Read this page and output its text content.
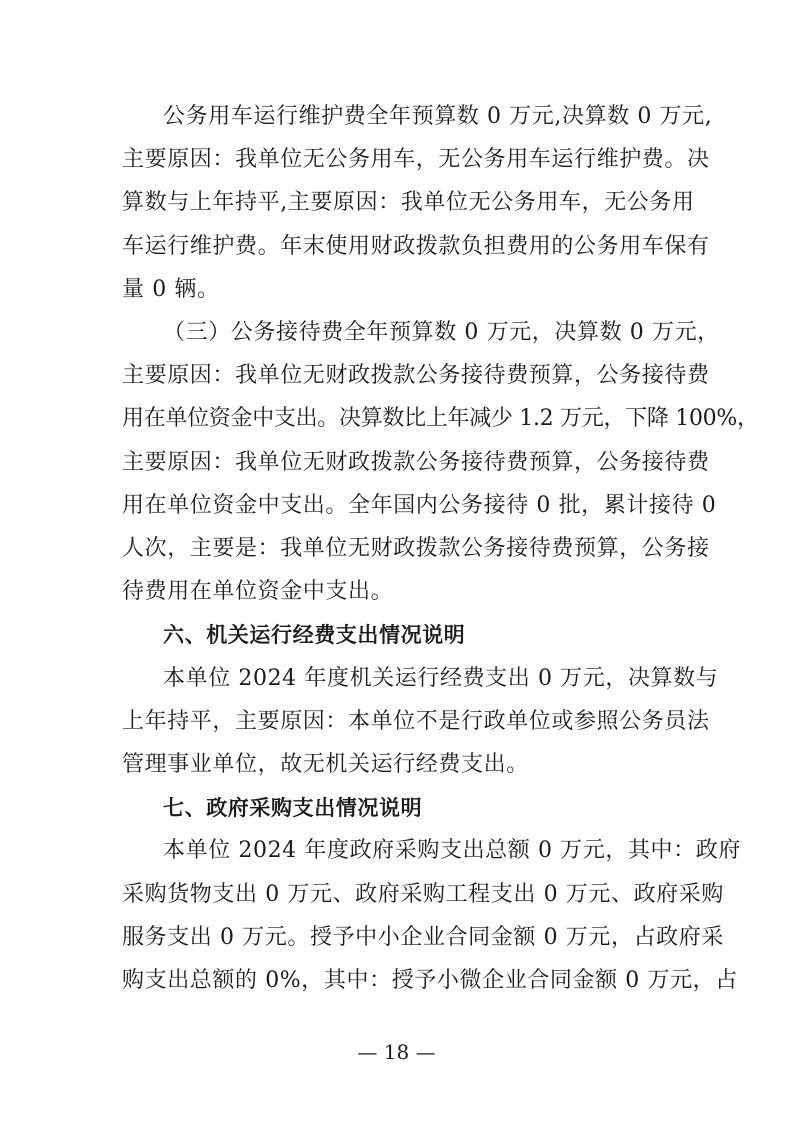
公务用车运行维护费全年预算数 0 万元,决算数 0 万元,
主要原因：我单位无公务用车，无公务用车运行维护费。决
算数与上年持平,主要原因：我单位无公务用车，无公务用
车运行维护费。年末使用财政拨款负担费用的公务用车保有
量 0 辆。
（三）公务接待费全年预算数 0 万元，决算数 0 万元，
主要原因：我单位无财政拨款公务接待费预算，公务接待费
用在单位资金中支出。决算数比上年减少 1.2 万元，下降 100%，
主要原因：我单位无财政拨款公务接待费预算，公务接待费
用在单位资金中支出。全年国内公务接待 0 批，累计接待 0
人次，主要是：我单位无财政拨款公务接待费预算，公务接
待费用在单位资金中支出。
六、机关运行经费支出情况说明
本单位 2024 年度机关运行经费支出 0 万元，决算数与
上年持平，主要原因：本单位不是行政单位或参照公务员法
管理事业单位，故无机关运行经费支出。
七、政府采购支出情况说明
本单位 2024 年度政府采购支出总额 0 万元，其中：政府
采购货物支出 0 万元、政府采购工程支出 0 万元、政府采购
服务支出 0 万元。授予中小企业合同金额 0 万元，占政府采
购支出总额的 0%，其中：授予小微企业合同金额 0 万元，占
— 18 —
